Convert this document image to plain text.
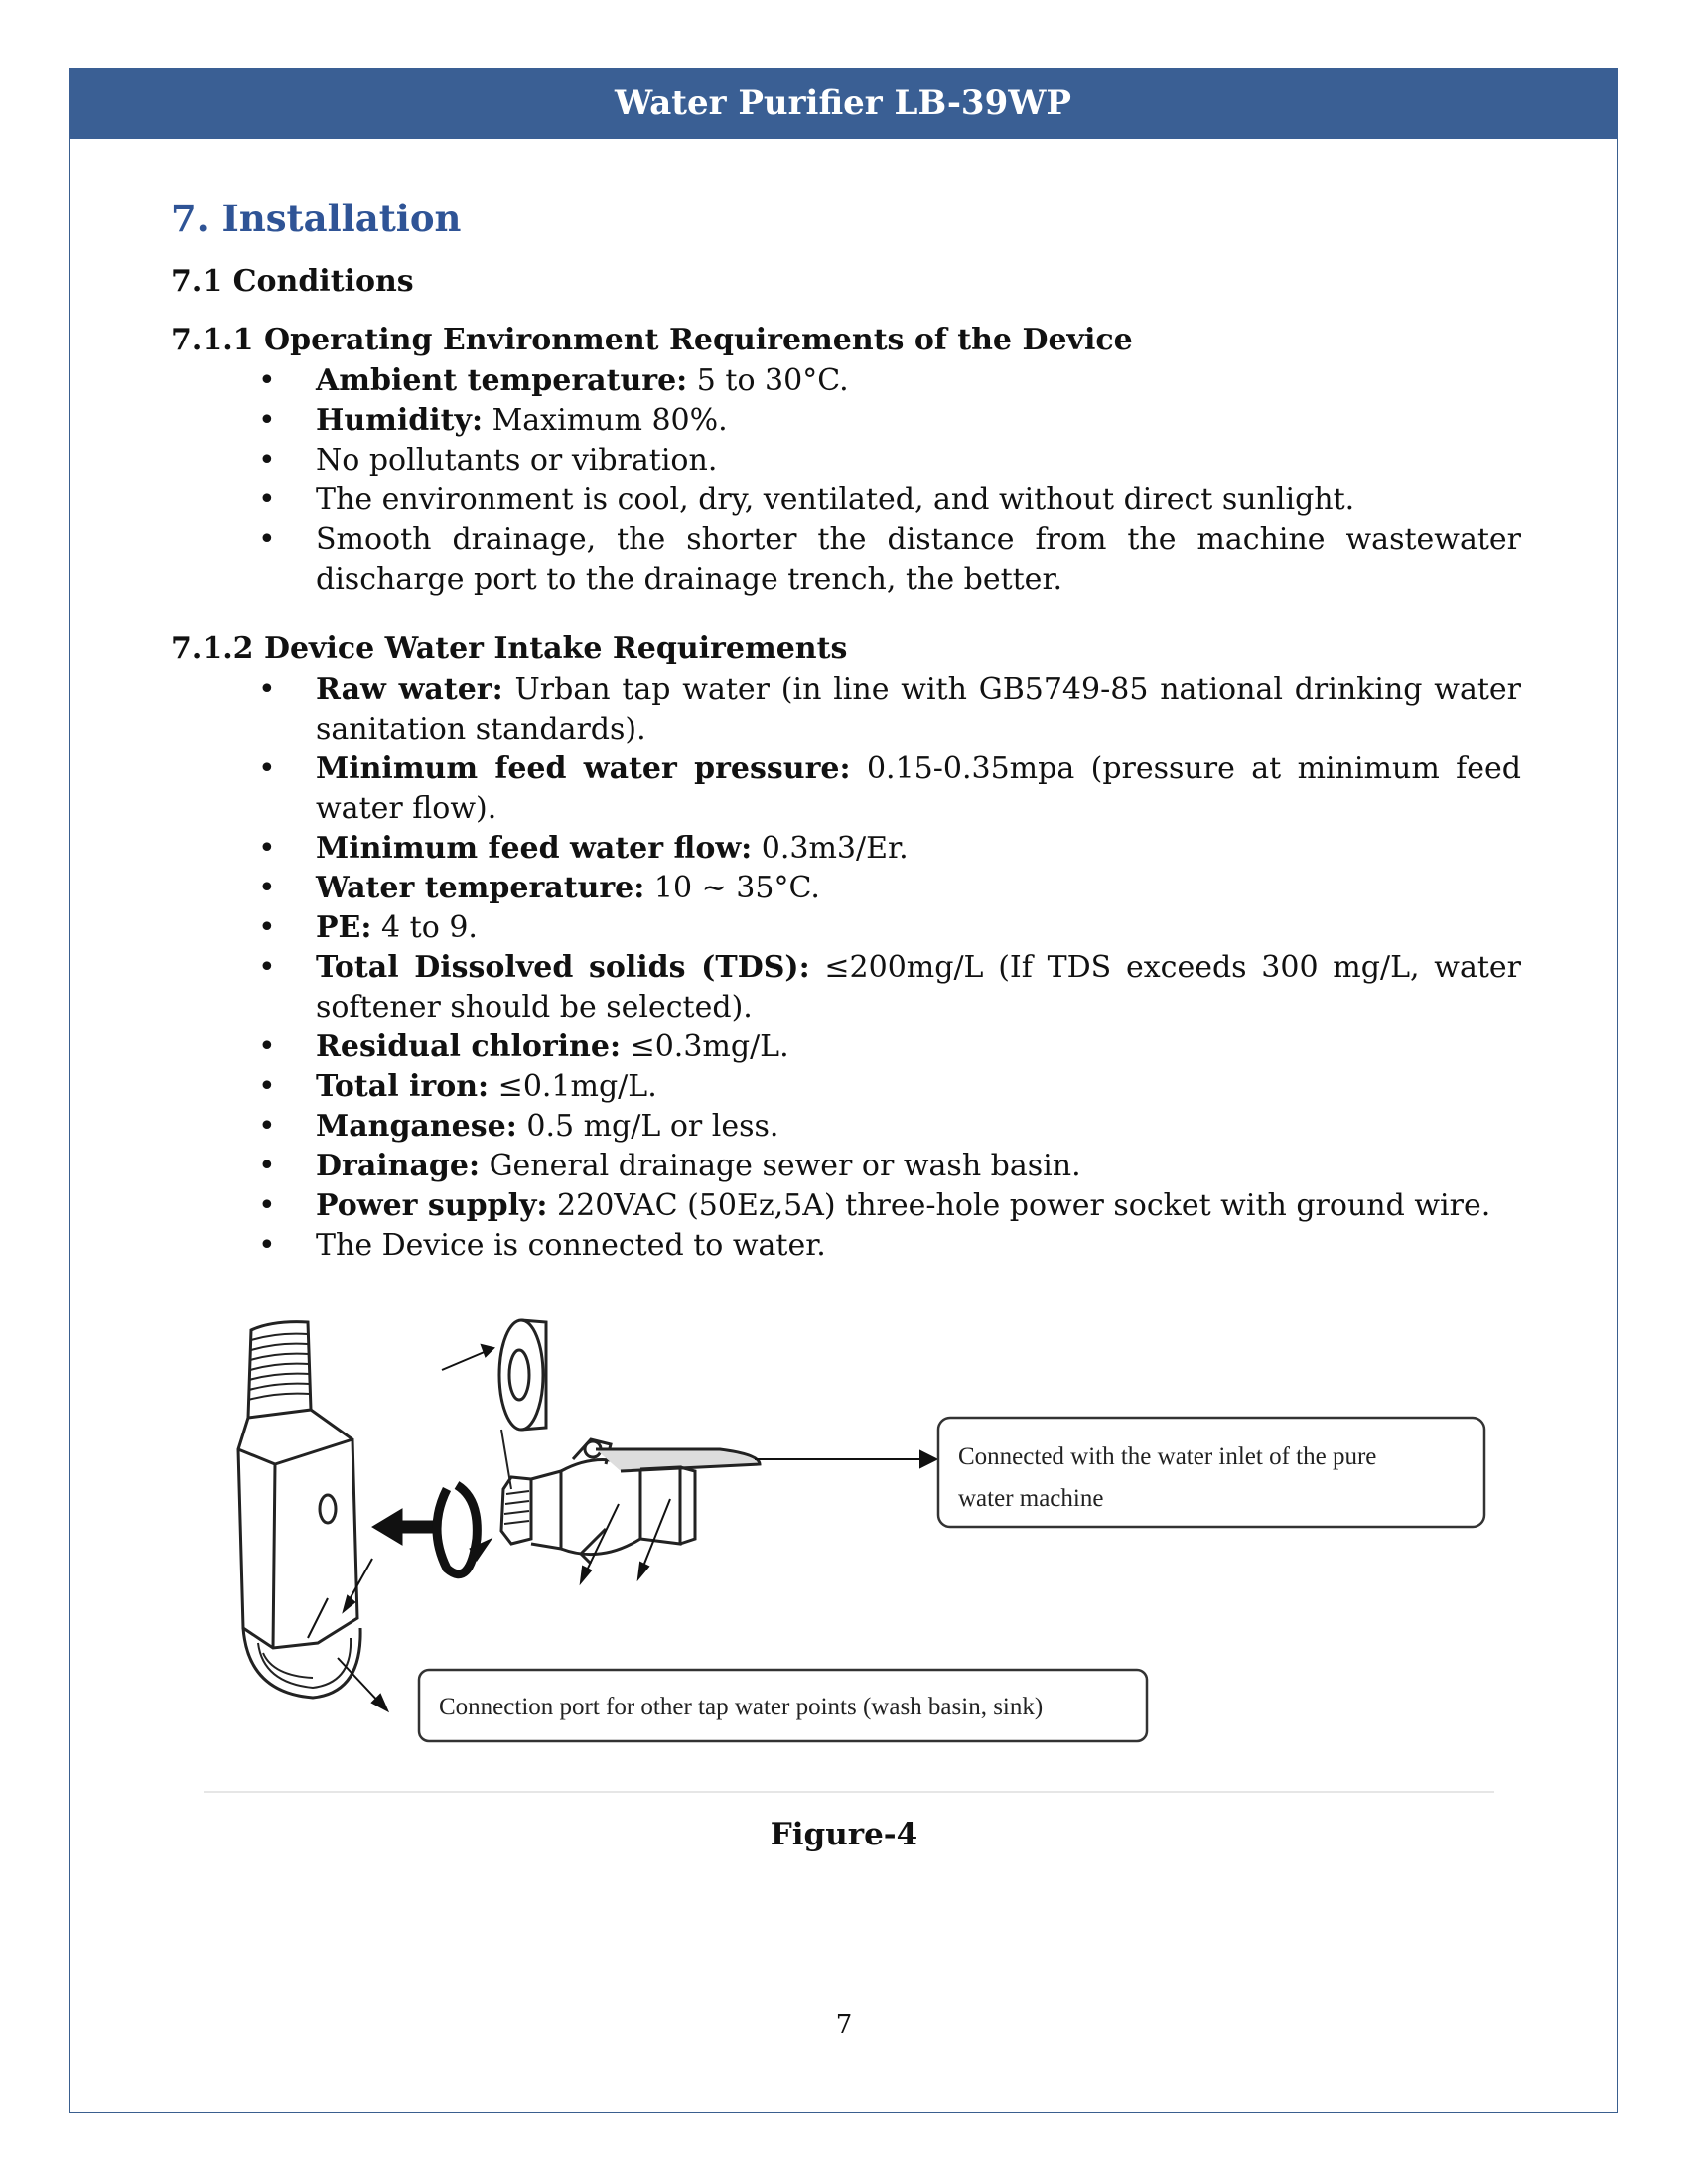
Water Purifier LB-39WP
7. Installation
7.1 Conditions
7.1.1 Operating Environment Requirements of the Device
• Ambient temperature: 5 to 30°C.
• Humidity: Maximum 80%.
• No pollutants or vibration.
• The environment is cool, dry, ventilated, and without direct sunlight.
• Smooth drainage, the shorter the distance from the machine wastewater discharge port to the drainage trench, the better.
7.1.2 Device Water Intake Requirements
• Raw water: Urban tap water (in line with GB5749-85 national drinking water sanitation standards).
• Minimum feed water pressure: 0.15-0.35mpa (pressure at minimum feed water flow).
• Minimum feed water flow: 0.3m3/Er.
• Water temperature: 10 ~ 35°C.
• PE: 4 to 9.
• Total Dissolved solids (TDS): ≤200mg/L (If TDS exceeds 300 mg/L, water softener should be selected).
• Residual chlorine: ≤0.3mg/L.
• Total iron: ≤0.1mg/L.
• Manganese: 0.5 mg/L or less.
• Drainage: General drainage sewer or wash basin.
• Power supply: 220VAC (50Ez,5A) three-hole power socket with ground wire.
• The Device is connected to water.
Connected with the water inlet of the pure
water machine
Connection port for other tap water points (wash basin, sink)
Figure-4
7
